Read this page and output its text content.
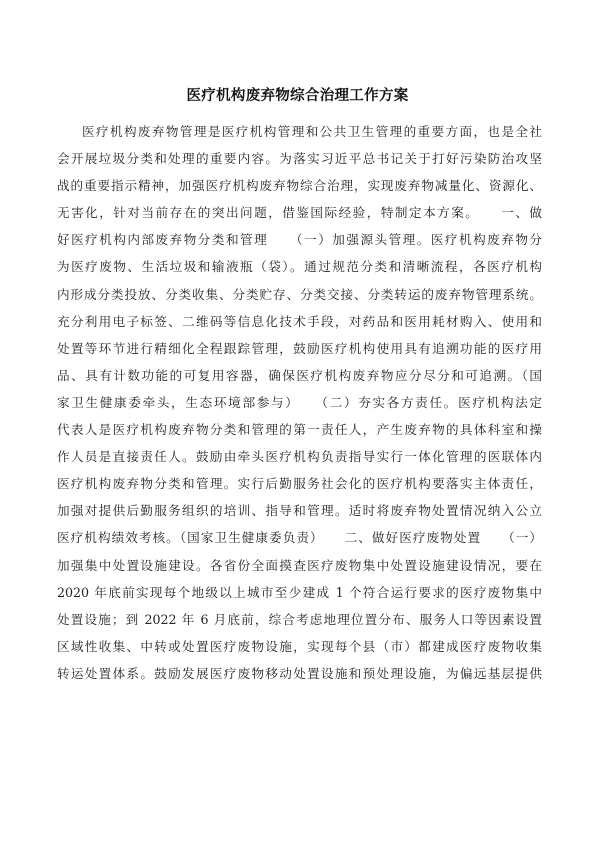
医疗机构废弃物综合治理工作方案
医疗机构废弃物管理是医疗机构管理和公共卫生管理的重要方面，也是全社
会开展垃圾分类和处理的重要内容。为落实习近平总书记关于打好污染防治攻坚
战的重要指示精神，加强医疗机构废弃物综合治理，实现废弃物减量化、资源化、
无害化，针对当前存在的突出问题，借鉴国际经验，特制定本方案。　　一、做
好医疗机构内部废弃物分类和管理　　（一）加强源头管理。医疗机构废弃物分
为医疗废物、生活垃圾和输液瓶（袋）。通过规范分类和清晰流程，各医疗机构
内形成分类投放、分类收集、分类贮存、分类交接、分类转运的废弃物管理系统。
充分利用电子标签、二维码等信息化技术手段，对药品和医用耗材购入、使用和
处置等环节进行精细化全程跟踪管理，鼓励医疗机构使用具有追溯功能的医疗用
品、具有计数功能的可复用容器，确保医疗机构废弃物应分尽分和可追溯。（国
家卫生健康委牵头，生态环境部参与）　　（二）夯实各方责任。医疗机构法定
代表人是医疗机构废弃物分类和管理的第一责任人，产生废弃物的具体科室和操
作人员是直接责任人。鼓励由牵头医疗机构负责指导实行一体化管理的医联体内
医疗机构废弃物分类和管理。实行后勤服务社会化的医疗机构要落实主体责任，
加强对提供后勤服务组织的培训、指导和管理。适时将废弃物处置情况纳入公立
医疗机构绩效考核。（国家卫生健康委负责）　　二、做好医疗废物处置　　（一）
加强集中处置设施建设。各省份全面摸查医疗废物集中处置设施建设情况，要在
2020 年底前实现每个地级以上城市至少建成 1 个符合运行要求的医疗废物集中
处置设施；到 2022 年 6 月底前，综合考虑地理位置分布、服务人口等因素设置
区域性收集、中转或处置医疗废物设施，实现每个县（市）都建成医疗废物收集
转运处置体系。鼓励发展医疗废物移动处置设施和预处理设施，为偏远基层提供
